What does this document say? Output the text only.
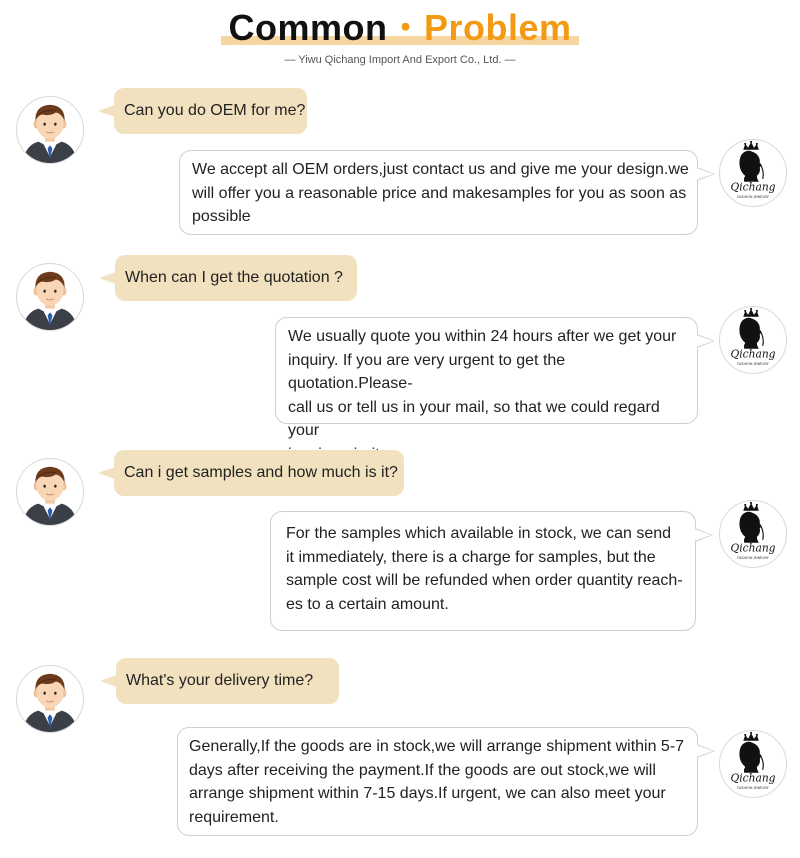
Common・Problem
— Yiwu Qichang Import And Export Co., Ltd. —
Can you do OEM for me?
We accept all OEM orders,just contact us and give me your design.we
will offer you a reasonable price and makesamples for you as soon as
possible
When can I get the quotation ?
We usually quote you within 24 hours after we get your
inquiry. If you are very urgent to get the quotation.Please-
call us or tell us in your mail, so that we could regard your
Can i get samples and how much is it?
For the samples which available in stock, we can send
it immediately, there is a charge for samples, but the
sample cost will be refunded when order quantity reach-
es to a certain amount.
What's your delivery time?
Generally,If the goods are in stock,we will arrange shipment within 5-7
days after receiving the payment.If the goods are out stock,we will
arrange shipment within 7-15 days.If urgent, we can also meet your
requirement.
